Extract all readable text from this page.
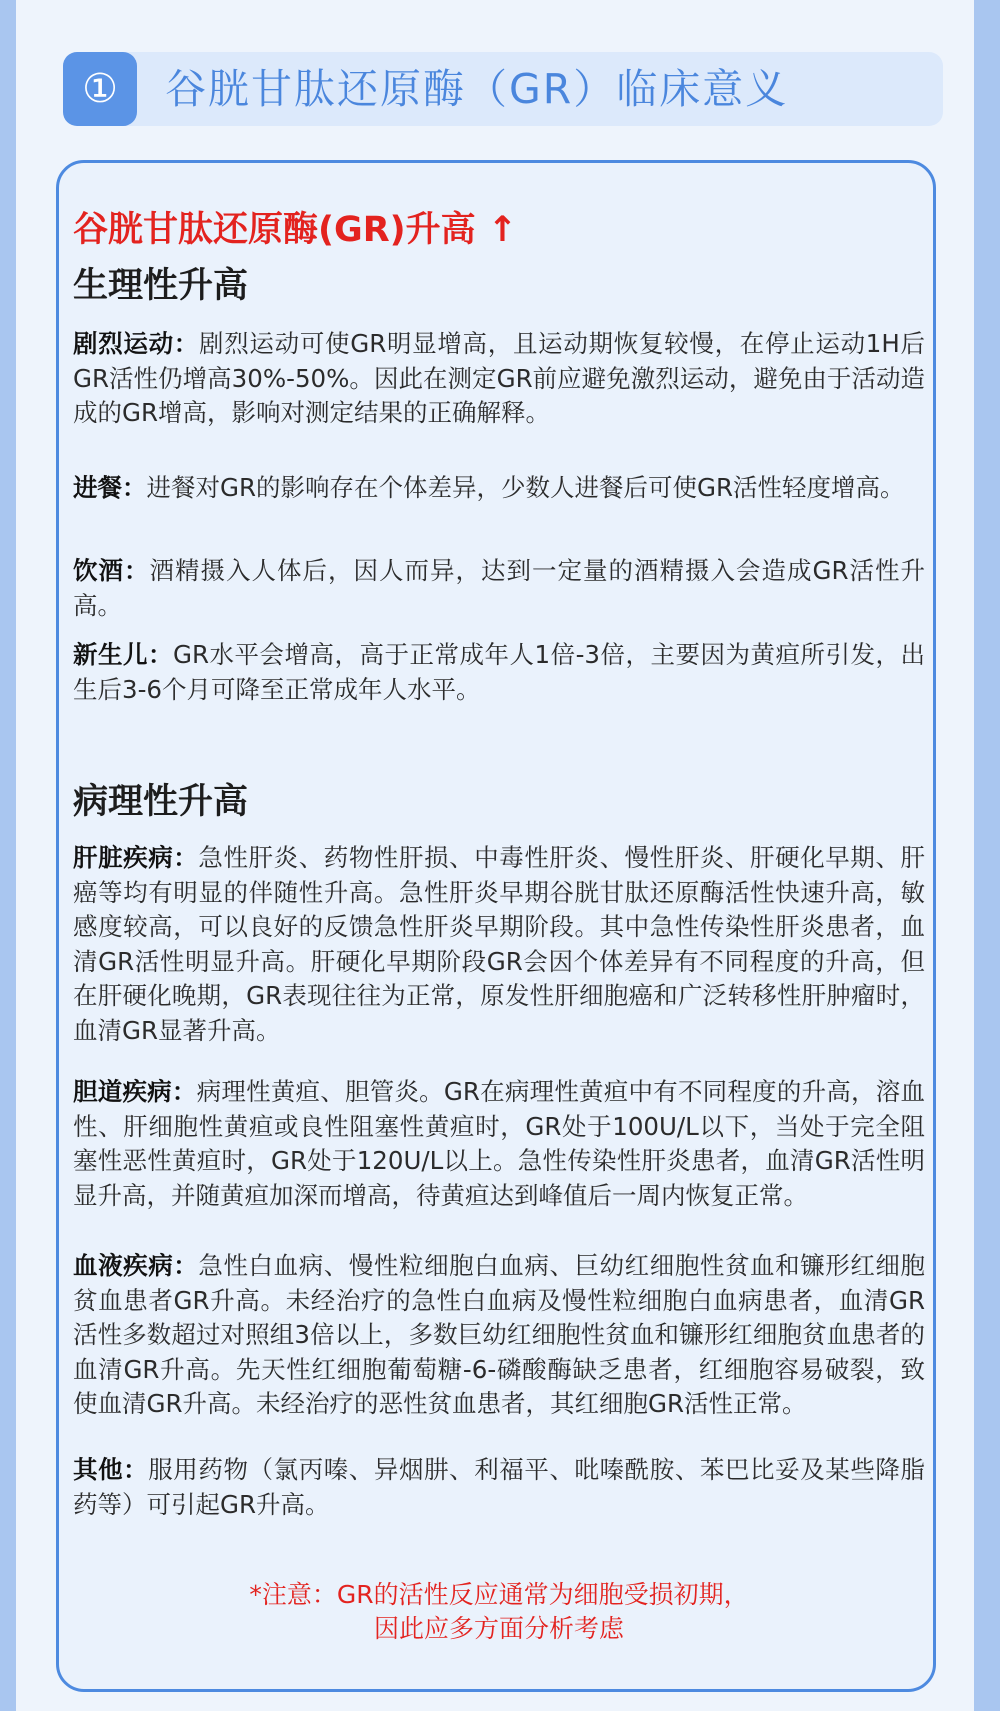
①	谷胱甘肽还原酶（GR）临床意义
谷胱甘肽还原酶(GR)升高 ↑
生理性升高
剧烈运动：剧烈运动可使GR明显增高，且运动期恢复较慢，在停止运动1H后GR活性仍增高30%-50%。因此在测定GR前应避免激烈运动，避免由于活动造成的GR增高，影响对测定结果的正确解释。
进餐：进餐对GR的影响存在个体差异，少数人进餐后可使GR活性轻度增高。
饮酒：酒精摄入人体后，因人而异，达到一定量的酒精摄入会造成GR活性升高。
新生儿：GR水平会增高，高于正常成年人1倍-3倍，主要因为黄疸所引发，出生后3-6个月可降至正常成年人水平。
病理性升高
肝脏疾病：急性肝炎、药物性肝损、中毒性肝炎、慢性肝炎、肝硬化早期、肝癌等均有明显的伴随性升高。急性肝炎早期谷胱甘肽还原酶活性快速升高，敏感度较高，可以良好的反馈急性肝炎早期阶段。其中急性传染性肝炎患者，血清GR活性明显升高。肝硬化早期阶段GR会因个体差异有不同程度的升高，但在肝硬化晚期，GR表现往往为正常，原发性肝细胞癌和广泛转移性肝肿瘤时，血清GR显著升高。
胆道疾病：病理性黄疸、胆管炎。GR在病理性黄疸中有不同程度的升高，溶血性、肝细胞性黄疸或良性阻塞性黄疸时，GR处于100U/L以下，当处于完全阻塞性恶性黄疸时，GR处于120U/L以上。急性传染性肝炎患者，血清GR活性明显升高，并随黄疸加深而增高，待黄疸达到峰值后一周内恢复正常。
血液疾病：急性白血病、慢性粒细胞白血病、巨幼红细胞性贫血和镰形红细胞贫血患者GR升高。未经治疗的急性白血病及慢性粒细胞白血病患者，血清GR活性多数超过对照组3倍以上，多数巨幼红细胞性贫血和镰形红细胞贫血患者的血清GR升高。先天性红细胞葡萄糖-6-磷酸酶缺乏患者，红细胞容易破裂，致使血清GR升高。未经治疗的恶性贫血患者，其红细胞GR活性正常。
其他：服用药物（氯丙嗪、异烟肼、利福平、吡嗪酰胺、苯巴比妥及某些降脂药等）可引起GR升高。
*注意：GR的活性反应通常为细胞受损初期，
因此应多方面分析考虑
